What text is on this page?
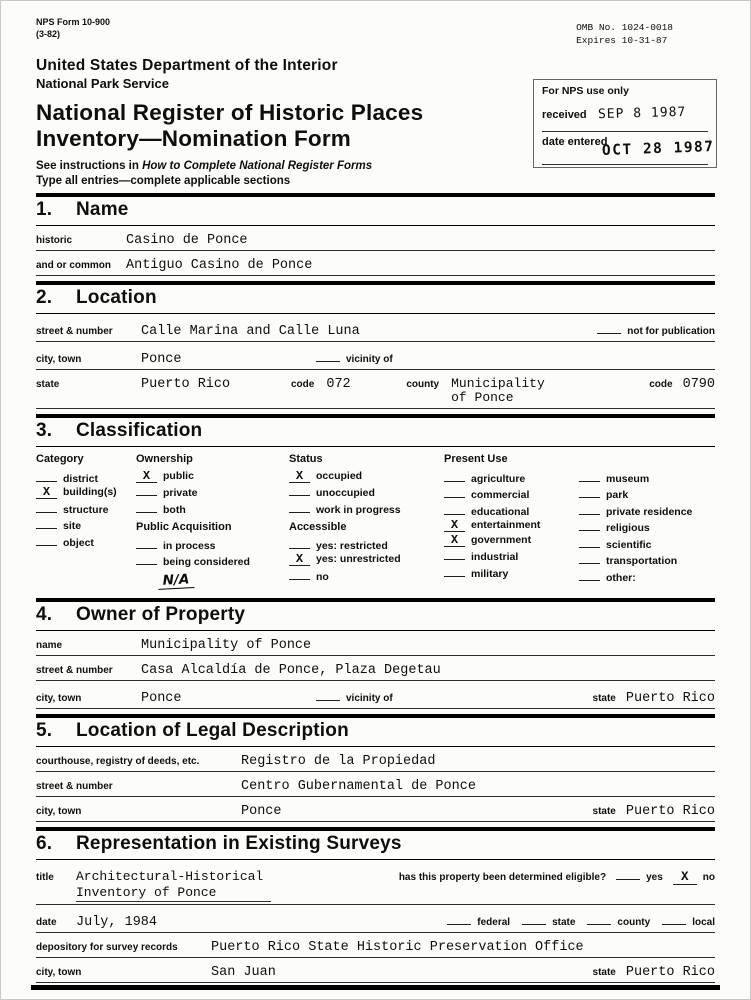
NPS Form 10-900
(3-82)
OMB No. 1024-0018
Expires 10-31-87
United States Department of the Interior
National Park Service
National Register of Historic Places
Inventory—Nomination Form
See instructions in How to Complete National Register Forms
Type all entries—complete applicable sections
For NPS use only
received SEP 8 1987
date entered
OCT 28 1987
1.	Name
historic	Casino de Ponce
and or common	Antiguo Casino de Ponce
2.	Location
street & number	Calle Marina and Calle Luna	not for publication
city, town	Ponce	vicinity of
state	Puerto Rico	code 072	county Municipality
of Ponce
code 0790
3.	Classification
Category
district
X	building(s)
structure
site
object
Ownership
X	public
private
both
Public Acquisition
in process
being considered
N/A
Status
X	occupied
unoccupied
work in progress
Accessible
yes: restricted
X	yes: unrestricted
no
Present Use
agriculture
commercial
educational
X	entertainment
X	government
industrial
military
museum
park
private residence
religious
scientific
transportation
other:
4.	Owner of Property
name	Municipality of Ponce
street & number	Casa Alcaldía de Ponce, Plaza Degetau
city, town	Ponce	vicinity of	state Puerto Rico
5.	Location of Legal Description
courthouse, registry of deeds, etc.	Registro de la Propiedad
street & number	Centro Gubernamental de Ponce
city, town	Ponce	state Puerto Rico
6.	Representation in Existing Surveys
title	Architectural-Historical
Inventory of Ponce
has this property been determined eligible?	yes	X	no
date	July, 1984	federal	state	county	local
depository for survey records	Puerto Rico State Historic Preservation Office
city, town	San Juan	state Puerto Rico
